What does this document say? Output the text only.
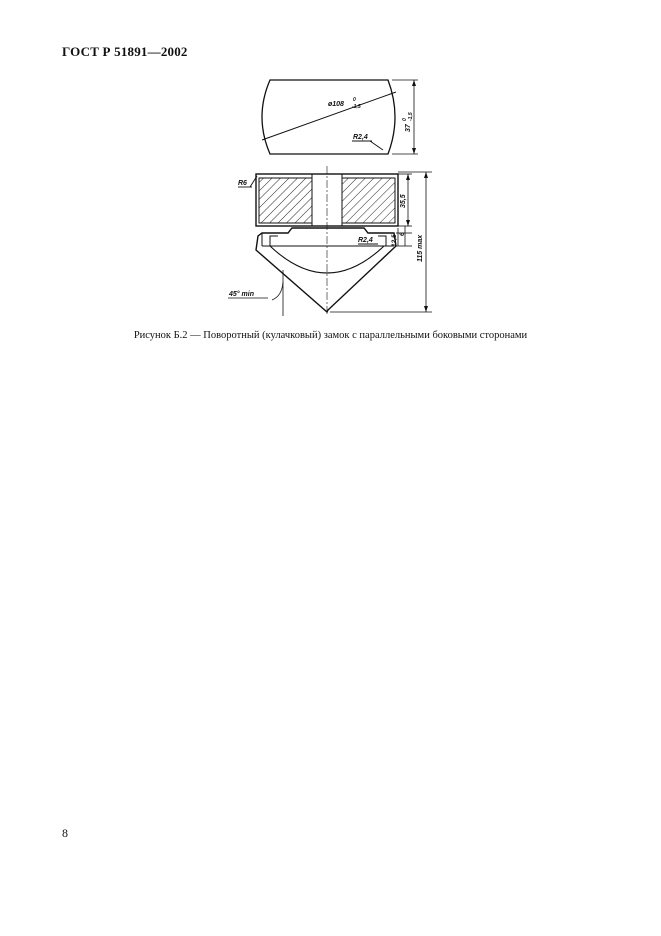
ГОСТ Р 51891—2002
ø108
0
-1,5
R2,4
37
0 -1,5
R6
R2,4
35,5
12,5
6
115 max
45° min
Рисунок Б.2 — Поворотный (кулачковый) замок с параллельными боковыми сторонами
8
